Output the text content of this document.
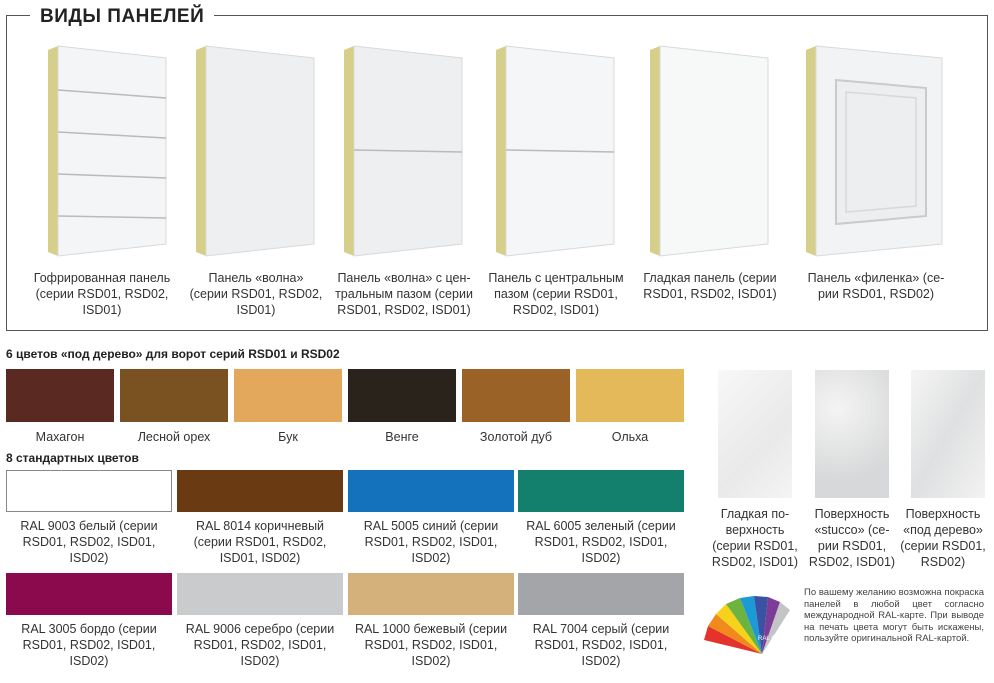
ВИДЫ ПАНЕЛЕЙ
Гофрированная панель
(серии RSD01, RSD02,
ISD01)
Панель «волна»
(серии RSD01, RSD02,
ISD01)
Панель «волна» с цен-
тральным пазом (серии
RSD01, RSD02, ISD01)
Панель с центральным
пазом (серии RSD01,
RSD02, ISD01)
Гладкая панель (серии
RSD01, RSD02, ISD01)
Панель «филенка» (се-
рии RSD01, RSD02)
6 цветов «под дерево» для ворот серий RSD01 и RSD02
Махагон	Лесной орех	Бук	Венге	Золотой дуб	Ольха
8 стандартных цветов
RAL 9003 белый (серии
RSD01, RSD02, ISD01,
ISD02)
RAL 8014 коричневый
(серии RSD01, RSD02,
ISD01, ISD02)
RAL 5005 синий (серии
RSD01, RSD02, ISD01,
ISD02)
RAL 6005 зеленый (серии
RSD01, RSD02, ISD01,
ISD02)
RAL 3005 бордо (серии
RSD01, RSD02, ISD01,
ISD02)
RAL 9006 серебро (серии
RSD01, RSD02, ISD01,
ISD02)
RAL 1000 бежевый (серии
RSD01, RSD02, ISD01,
ISD02)
RAL 7004 серый (серии
RSD01, RSD02, ISD01,
ISD02)
Гладкая по-
верхность
(серии RSD01,
RSD02, ISD01)
Поверхность
«stucco» (се-
рии RSD01,
RSD02, ISD01)
Поверхность
«под дерево»
(серии RSD01,
RSD02)
RAL COLORS
По вашему желанию возможна покраска панелей в любой цвет согласно международной RAL-карте. При выводе на печать цвета могут быть искажены, пользуйте оригинальной RAL-картой.
